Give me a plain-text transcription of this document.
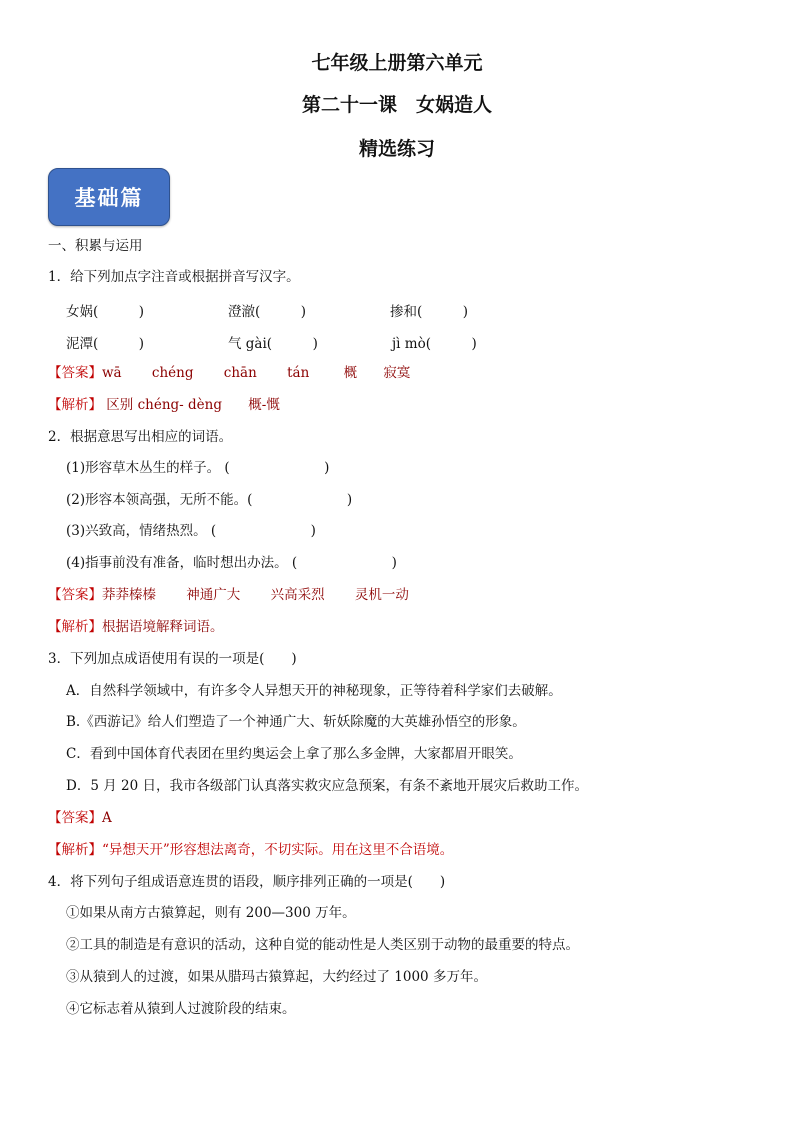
七年级上册第六单元
第二十一课　女娲造人
精选练习
基础篇
一、积累与运用
1．给下列加点字注音或根据拼音写汉字。
女娲(　　　)	澄澈(　　　)	掺和(　　　)
泥潭(　　　)	气 gài(　　　)	jì mò(　　　)
【答案】wā chéng chān tán	概 寂寞
【解析】 区别 chéng- dèng 概-慨
2．根据意思写出相应的词语。
(1)形容草木丛生的样子。 (　　　　　　　)
(2)形容本领高强，无所不能。(　　　　　　　)
(3)兴致高，情绪热烈。 (　　　　　　　)
(4)指事前没有准备，临时想出办法。 (　　　　　　　)
【答案】莽莽榛榛 神通广大 兴高采烈 灵机一动
【解析】根据语境解释词语。
3．下列加点成语使用有误的一项是(　　)
A．自然科学领域中，有许多令人异想天开的神秘现象，正等待着科学家们去破解。
B.《西游记》给人们塑造了一个神通广大、斩妖除魔的大英雄孙悟空的形象。
C．看到中国体育代表团在里约奥运会上拿了那么多金牌，大家都眉开眼笑。
D．5 月 20 日，我市各级部门认真落实救灾应急预案，有条不紊地开展灾后救助工作。
【答案】A
【解析】“异想天开”形容想法离奇，不切实际。用在这里不合语境。
4．将下列句子组成语意连贯的语段，顺序排列正确的一项是(　　)
①如果从南方古猿算起，则有 200—300 万年。
②工具的制造是有意识的活动，这种自觉的能动性是人类区别于动物的最重要的特点。
③从猿到人的过渡，如果从腊玛古猿算起，大约经过了 1000 多万年。
④它标志着从猿到人过渡阶段的结束。
